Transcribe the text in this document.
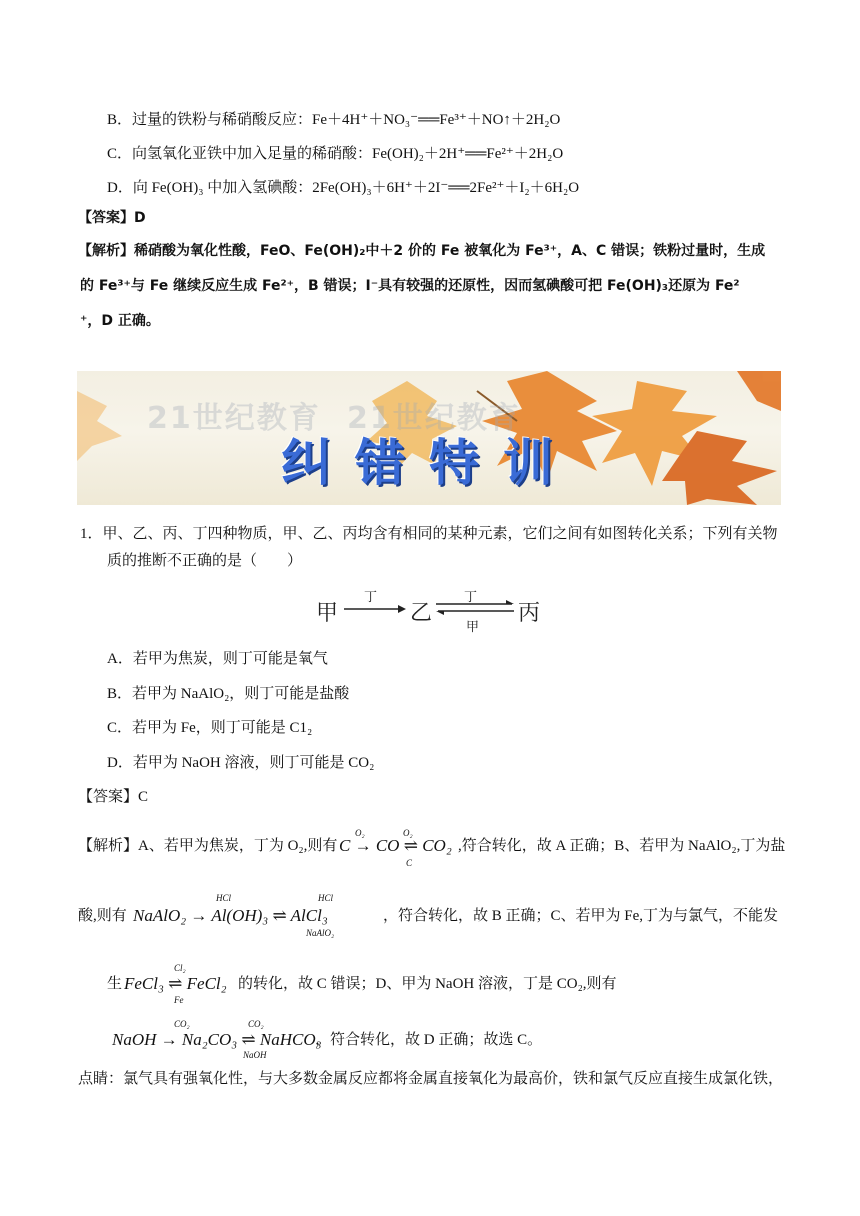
B．过量的铁粉与稀硝酸反应：Fe＋4H⁺＋NO₃⁻══Fe³⁺＋NO↑＋2H₂O
C．向氢氧化亚铁中加入足量的稀硝酸：Fe(OH)₂＋2H⁺══Fe²⁺＋2H₂O
D．向 Fe(OH)₃ 中加入氢碘酸：2Fe(OH)₃＋6H⁺＋2I⁻══2Fe²⁺＋I₂＋6H₂O
【答案】D
【解析】稀硝酸为氧化性酸，FeO、Fe(OH)₂中＋2 价的 Fe 被氧化为 Fe³⁺，A、C 错误；铁粉过量时，生成
的 Fe³⁺与 Fe 继续反应生成 Fe²⁺，B 错误；I⁻具有较强的还原性，因而氢碘酸可把 Fe(OH)₃还原为 Fe²
⁺，D 正确。
21世纪教育 21世纪教育
纠错特训
1．甲、乙、丙、丁四种物质，甲、乙、丙均含有相同的某种元素，它们之间有如图转化关系；下列有关物
质的推断不正确的是（　　）
甲
丁
乙
丁
甲
丙
A．若甲为焦炭，则丁可能是氧气
B．若甲为 NaAlO₂，则丁可能是盐酸
C．若甲为 Fe，则丁可能是 C1₂
D．若甲为 NaOH 溶液，则丁可能是 CO₂
【答案】C
【解析】A、若甲为焦炭，丁为 O₂,则有
O₂	O₂
C → CO ⇌ CO₂
C
,符合转化，故 A 正确；B、若甲为 NaAlO₂,丁为盐
酸,则有
HCl	HCl
NaAlO₂ → Al(OH)₃ ⇌ AlCl₃
NaAlO₂
，符合转化，故 B 正确；C、若甲为 Fe,丁为与氯气，不能发
生
Cl₂
FeCl₃ ⇌ FeCl₂
Fe
的转化，故 C 错误；D、甲为 NaOH 溶液，丁是 CO₂,则有
CO₂	CO₂
NaOH → Na₂CO₃ ⇌ NaHCO₃
NaOH
，符合转化，故 D 正确；故选 C。
点睛：氯气具有强氧化性，与大多数金属反应都将金属直接氧化为最高价，铁和氯气反应直接生成氯化铁，
